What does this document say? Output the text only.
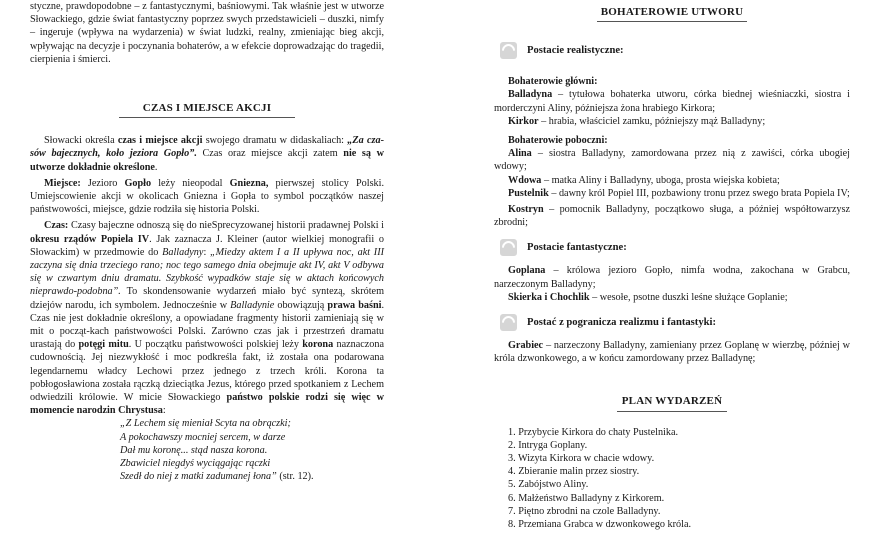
styczne, prawdopodobne – z fantastycznymi, baśniowymi. Tak właśnie jest w utworze Słowackiego, gdzie świat fantastyczny poprzez swych przedstawicieli – duszki, nimfy – ingeruje (wpływa na wydarzenia) w świat ludzki, realny, zmieniając bieg akcji, wpływając na decyzje i poczynania bohaterów, a w efekcie doprowadzając do tragedii, cierpienia i śmierci.

CZAS I MIEJSCE AKCJI

Słowacki określa czas i miejsce akcji swojego dramatu w didaskaliach: „Za cza-sów bajecznych, koło jeziora Gopło”. Czas oraz miejsce akcji zatem nie są w utworze dokładnie określone.

Miejsce: Jezioro Gopło leży nieopodal Gniezna, pierwszej stolicy Polski. Umiejscowienie akcji w okolicach Gniezna i Gopła to symbol początków naszej państwowości, miejsce, gdzie rodziła się historia Polski.

Czas: Czasy bajeczne odnoszą się do nieSprecyzowanej historii pradawnej Polski i okresu rządów Popiela IV. Jak zaznacza J. Kleiner (autor wielkiej monografii o Słowackim) w przedmowie do Balladyny: „Miedzy aktem I a II upływa noc, akt III zaczyna się dnia trzeciego rano; noc tego samego dnia obejmuje akt IV, akt V odbywa się w czwartym dniu dramatu. Szybkość wypadków staje się w aktach końcowych nieprawdo-podobna”. To skondensowanie wydarzeń miało być syntezą, skrótem dziejów narodu, ich symbolem. Jednocześnie w Balladynie obowiązują prawa baśni. Czas nie jest dokładnie określony, a opowiadane fragmenty historii zamieniają się w mit o począt-kach państwowości Polski. Zarówno czas jak i przestrzeń dramatu urastają do potęgi mitu. U początku państwowości polskiej leży korona naznaczona cudownością. Jej niezwykłość i moc podkreśla fakt, iż została ona podarowana legendarnemu władcy Lechowi przez jednego z trzech króli. Korona ta pobłogosławiona została rączką dzieciątka Jezus, którego przed spotkaniem z Lechem odwiedzili królowie. W micie Słowackiego państwo polskie rodzi się więc w momencie narodzin Chrystusa:

„Z Lechem się mieniał Scyta na obrączki;
A pokochawszy mocniej sercem, w darze
Dał mu koronę... stąd nasza korona.
Zbawiciel niegdyś wyciągając rączki
Szedł do niej z matki zadumanej łona” (str. 12).
BOHATEROWIE UTWORU
Postacie realistyczne:
Bohaterowie główni:

Balladyna – tytułowa bohaterka utworu, córka biednej wieśniaczki, siostra i morderczyni Aliny, późniejsza żona hrabiego Kirkora;

Kirkor – hrabia, właściciel zamku, późniejszy mąż Balladyny;

Bohaterowie poboczni:

Alina – siostra Balladyny, zamordowana przez nią z zawiści, córka ubogiej wdowy;

Wdowa – matka Aliny i Balladyny, uboga, prosta wiejska kobieta;

Pustelnik – dawny król Popiel III, pozbawiony tronu przez swego brata Popiela IV;

Kostryn – pomocnik Balladyny, początkowo sługa, a później współtowarzysz zbrodni;

Postacie fantastyczne:

Goplana – królowa jezioro Gopło, nimfa wodna, zakochana w Grabcu, narzeczonym Balladyny;

Skierka i Chochlik – wesołe, psotne duszki leśne służące Goplanie;

Postać z pogranicza realizmu i fantastyki:

Grabiec – narzeczony Balladyny, zamieniany przez Goplanę w wierzbę, później w króla dzwonkowego, a w końcu zamordowany przez Balladynę;

PLAN WYDARZEŃ
1. Przybycie Kirkora do chaty Pustelnika.
2. Intryga Goplany.
3. Wizyta Kirkora w chacie wdowy.
4. Zbieranie malin przez siostry.
5. Zabójstwo Aliny.
6. Małżeństwo Balladyny z Kirkorem.
7. Piętno zbrodni na czole Balladyny.
8. Przemiana Grabca w dzwonkowego króla.
